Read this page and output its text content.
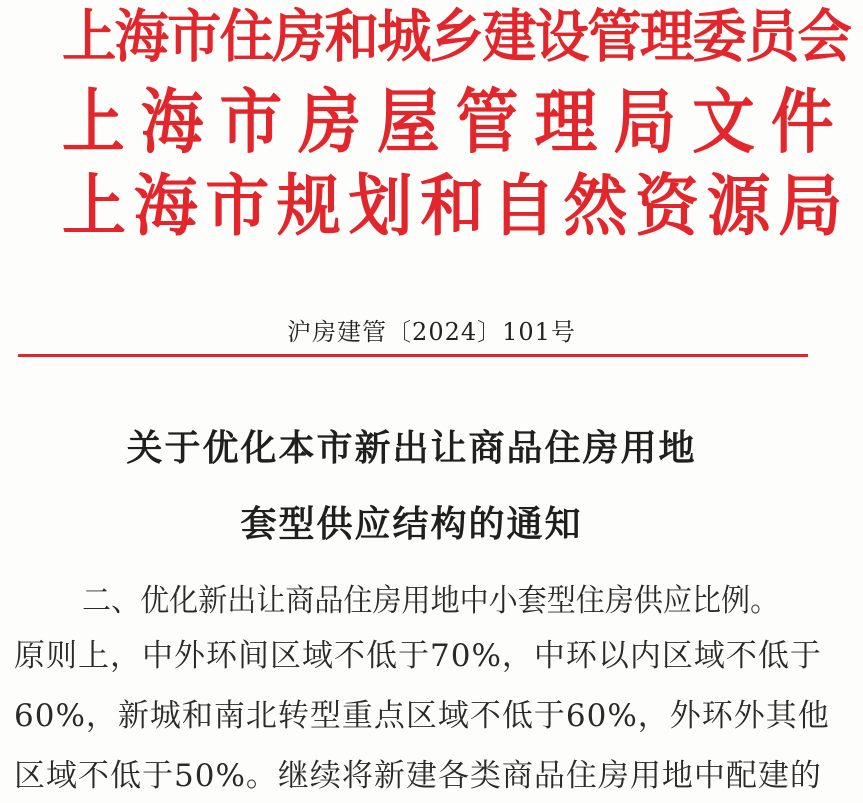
上海市住房和城乡建设管理委员会
上海市房屋管理局文件
上海市规划和自然资源局
沪房建管〔2024〕101号
关于优化本市新出让商品住房用地
套型供应结构的通知
二、优化新出让商品住房用地中小套型住房供应比例。
原则上，中外环间区域不低于70%，中环以内区域不低于
60%，新城和南北转型重点区域不低于60%，外环外其他
区域不低于50%。继续将新建各类商品住房用地中配建的
